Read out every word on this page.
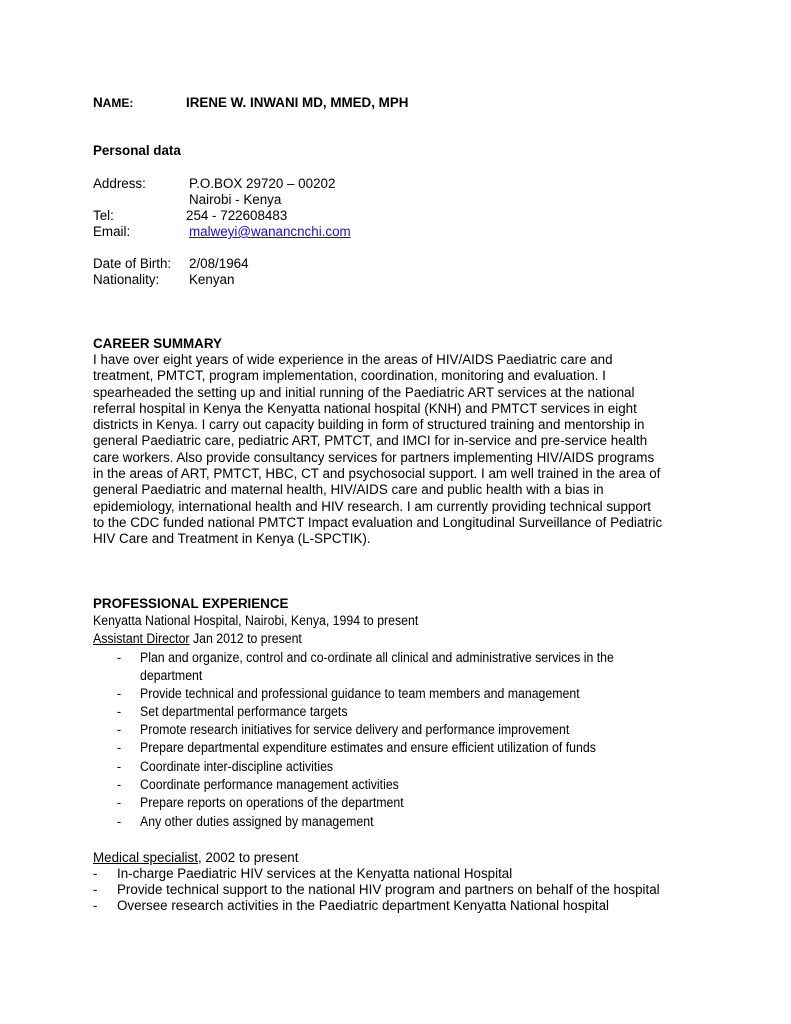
NAME:	IRENE W. INWANI MD, MMED, MPH
Personal data
Address:	P.O.BOX 29720 – 00202
Nairobi - Kenya
Tel:	254 - 722608483
Email:	malweyi@wanancnchi.com
Date of Birth: 2/08/1964
Nationality: Kenyan
CAREER SUMMARY
I have over eight years of wide experience in the areas of HIV/AIDS Paediatric care and
treatment, PMTCT, program implementation, coordination, monitoring and evaluation. I
spearheaded the setting up and initial running of the Paediatric ART services at the national
referral hospital in Kenya the Kenyatta national hospital (KNH) and PMTCT services in eight
districts in Kenya. I carry out capacity building in form of structured training and mentorship in
general Paediatric care, pediatric ART, PMTCT, and IMCI for in-service and pre-service health
care workers. Also provide consultancy services for partners implementing HIV/AIDS programs
in the areas of ART, PMTCT, HBC, CT and psychosocial support. I am well trained in the area of
general Paediatric and maternal health, HIV/AIDS care and public health with a bias in
epidemiology, international health and HIV research. I am currently providing technical support
to the CDC funded national PMTCT Impact evaluation and Longitudinal Surveillance of Pediatric
HIV Care and Treatment in Kenya (L-SPCTIK).
PROFESSIONAL EXPERIENCE
Kenyatta National Hospital, Nairobi, Kenya, 1994 to present
Assistant Director Jan 2012 to present
- Plan and organize, control and co-ordinate all clinical and administrative services in the
department
- Provide technical and professional guidance to team members and management
- Set departmental performance targets
- Promote research initiatives for service delivery and performance improvement
- Prepare departmental expenditure estimates and ensure efficient utilization of funds
- Coordinate inter-discipline activities
- Coordinate performance management activities
- Prepare reports on operations of the department
- Any other duties assigned by management
Medical specialist, 2002 to present
- In-charge Paediatric HIV services at the Kenyatta national Hospital
- Provide technical support to the national HIV program and partners on behalf of the hospital
- Oversee research activities in the Paediatric department Kenyatta National hospital
